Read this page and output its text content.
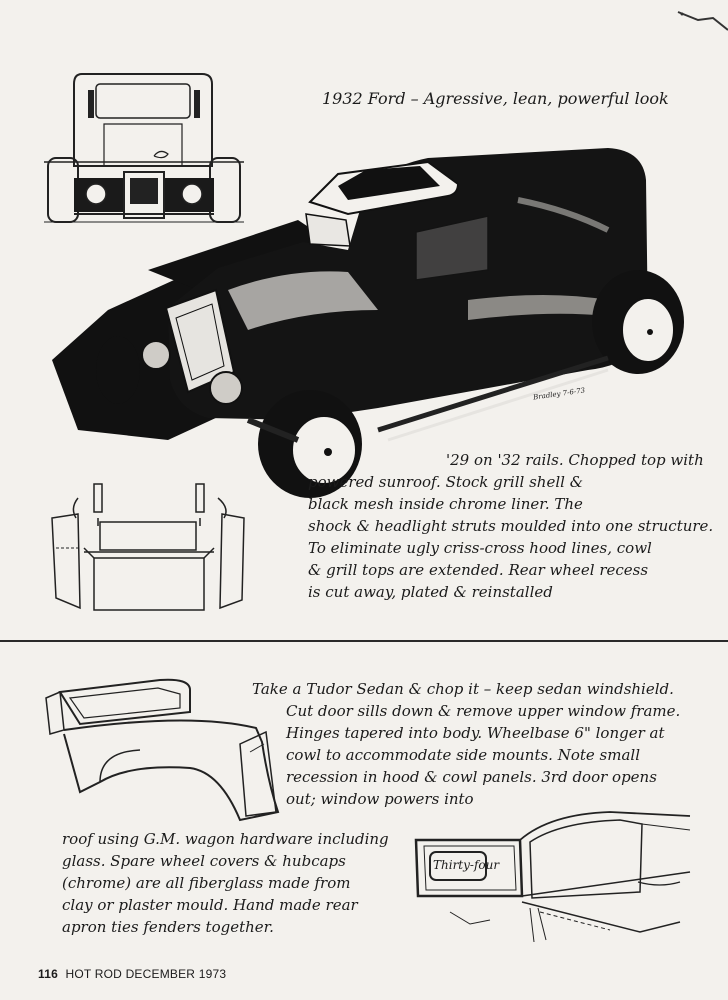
1932 Ford – Agressive, lean, powerful look
Bradley 7-6-73
'29 on '32 rails. Chopped top with
powered sunroof. Stock grill shell &
black mesh inside chrome liner. The
shock & headlight struts moulded into one structure.
To eliminate ugly criss-cross hood lines, cowl
& grill tops are extended. Rear wheel recess
is cut away, plated & reinstalled
Take a Tudor Sedan & chop it – keep sedan windshield.
Cut door sills down & remove upper window frame.
Hinges tapered into body. Wheelbase 6" longer at
cowl to accommodate side mounts. Note small
recession in hood & cowl panels. 3rd door opens
out; window powers into
roof using G.M. wagon hardware including
glass. Spare wheel covers & hubcaps
(chrome) are all fiberglass made from
clay or plaster mould. Hand made rear
apron ties fenders together.
Thirty-four
116 HOT ROD DECEMBER 1973
